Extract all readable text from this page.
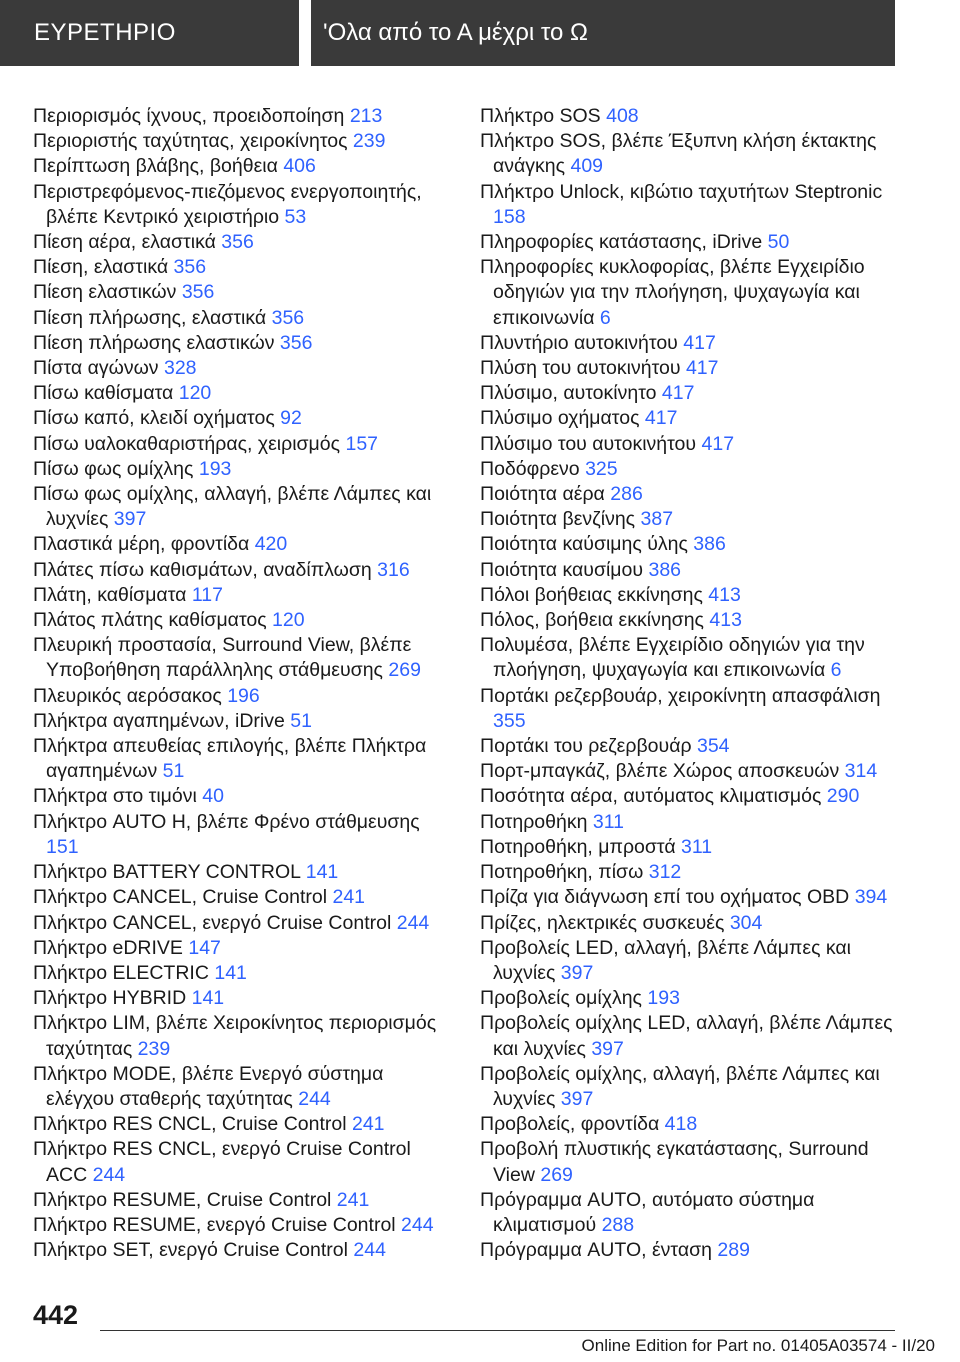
ΕΥΡΕΤΗΡΙΟ	'Ολα από το Α μέχρι το Ω
Περιορισμός ίχνους, προειδοποίηση 213
Περιοριστής ταχύτητας, χειροκίνητος 239
Περίπτωση βλάβης, βοήθεια 406
Περιστρεφόμενος-πιεζόμενος ενεργοποιητής, βλέπε Κεντρικό χειριστήριο 53
Πίεση αέρα, ελαστικά 356
Πίεση, ελαστικά 356
Πίεση ελαστικών 356
Πίεση πλήρωσης, ελαστικά 356
Πίεση πλήρωσης ελαστικών 356
Πίστα αγώνων 328
Πίσω καθίσματα 120
Πίσω καπό, κλειδί οχήματος 92
Πίσω υαλοκαθαριστήρας, χειρισμός 157
Πίσω φως ομίχλης 193
Πίσω φως ομίχλης, αλλαγή, βλέπε Λάμπες και λυχνίες 397
Πλαστικά μέρη, φροντίδα 420
Πλάτες πίσω καθισμάτων, αναδίπλωση 316
Πλάτη, καθίσματα 117
Πλάτος πλάτης καθίσματος 120
Πλευρική προστασία, Surround View, βλέπε Υποβοήθηση παράλληλης στάθμευσης 269
Πλευρικός αερόσακος 196
Πλήκτρα αγαπημένων, iDrive 51
Πλήκτρα απευθείας επιλογής, βλέπε Πλήκτρα αγαπημένων 51
Πλήκτρα στο τιμόνι 40
Πλήκτρο AUTO H, βλέπε Φρένο στάθμευσης 151
Πλήκτρο BATTERY CONTROL 141
Πλήκτρο CANCEL, Cruise Control 241
Πλήκτρο CANCEL, ενεργό Cruise Control 244
Πλήκτρο eDRIVE 147
Πλήκτρο ELECTRIC 141
Πλήκτρο HYBRID 141
Πλήκτρο LIM, βλέπε Χειροκίνητος περιορισμός ταχύτητας 239
Πλήκτρο MODE, βλέπε Ενεργό σύστημα ελέγχου σταθερής ταχύτητας 244
Πλήκτρο RES CNCL, Cruise Control 241
Πλήκτρο RES CNCL, ενεργό Cruise Control ACC 244
Πλήκτρο RESUME, Cruise Control 241
Πλήκτρο RESUME, ενεργό Cruise Control 244
Πλήκτρο SET, ενεργό Cruise Control 244
Πλήκτρο SOS 408
Πλήκτρο SOS, βλέπε Έξυπνη κλήση έκτακτης ανάγκης 409
Πλήκτρο Unlock, κιβώτιο ταχυτήτων Steptronic 158
Πληροφορίες κατάστασης, iDrive 50
Πληροφορίες κυκλοφορίας, βλέπε Εγχειρίδιο οδηγιών για την πλοήγηση, ψυχαγωγία και επικοινωνία 6
Πλυντήριο αυτοκινήτου 417
Πλύση του αυτοκινήτου 417
Πλύσιμο, αυτοκίνητο 417
Πλύσιμο οχήματος 417
Πλύσιμο του αυτοκινήτου 417
Ποδόφρενο 325
Ποιότητα αέρα 286
Ποιότητα βενζίνης 387
Ποιότητα καύσιμης ύλης 386
Ποιότητα καυσίμου 386
Πόλοι βοήθειας εκκίνησης 413
Πόλος, βοήθεια εκκίνησης 413
Πολυμέσα, βλέπε Εγχειρίδιο οδηγιών για την πλοήγηση, ψυχαγωγία και επικοινωνία 6
Πορτάκι ρεζερβουάρ, χειροκίνητη απασφάλιση 355
Πορτάκι του ρεζερβουάρ 354
Πορτ-μπαγκάζ, βλέπε Χώρος αποσκευών 314
Ποσότητα αέρα, αυτόματος κλιματισμός 290
Ποτηροθήκη 311
Ποτηροθήκη, μπροστά 311
Ποτηροθήκη, πίσω 312
Πρίζα για διάγνωση επί του οχήματος OBD 394
Πρίζες, ηλεκτρικές συσκευές 304
Προβολείς LED, αλλαγή, βλέπε Λάμπες και λυχνίες 397
Προβολείς ομίχλης 193
Προβολείς ομίχλης LED, αλλαγή, βλέπε Λάμπες και λυχνίες 397
Προβολείς ομίχλης, αλλαγή, βλέπε Λάμπες και λυχνίες 397
Προβολείς, φροντίδα 418
Προβολή πλυστικής εγκατάστασης, Surround View 269
Πρόγραμμα AUTO, αυτόματο σύστημα κλιματισμού 288
Πρόγραμμα AUTO, ένταση 289
442
Online Edition for Part no. 01405A03574 - II/20
